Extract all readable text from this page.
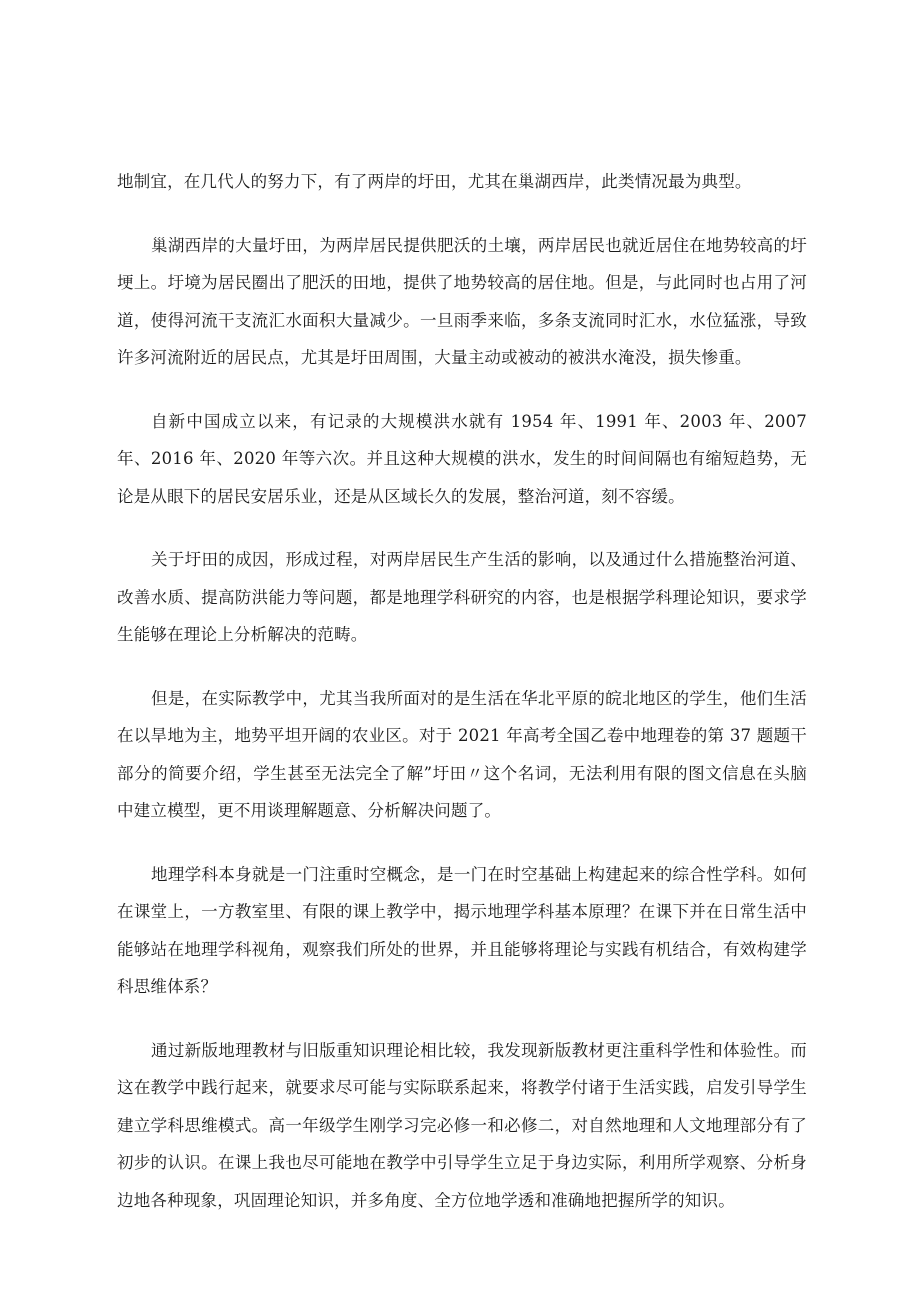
地制宜，在几代人的努力下，有了两岸的圩田，尤其在巢湖西岸，此类情况最为典型。

巢湖西岸的大量圩田，为两岸居民提供肥沃的土壤，两岸居民也就近居住在地势较高的圩埂上。圩境为居民圈出了肥沃的田地，提供了地势较高的居住地。但是，与此同时也占用了河道，使得河流干支流汇水面积大量减少。一旦雨季来临，多条支流同时汇水，水位猛涨，导致许多河流附近的居民点，尤其是圩田周围，大量主动或被动的被洪水淹没，损失惨重。

自新中国成立以来，有记录的大规模洪水就有 1954 年、1991 年、2003 年、2007 年、2016 年、2020 年等六次。并且这种大规模的洪水，发生的时间间隔也有缩短趋势，无论是从眼下的居民安居乐业，还是从区域长久的发展，整治河道，刻不容缓。

关于圩田的成因，形成过程，对两岸居民生产生活的影响，以及通过什么措施整治河道、改善水质、提高防洪能力等问题，都是地理学科研究的内容，也是根据学科理论知识，要求学生能够在理论上分析解决的范畴。

但是，在实际教学中，尤其当我所面对的是生活在华北平原的皖北地区的学生，他们生活在以旱地为主，地势平坦开阔的农业区。对于 2021 年高考全国乙卷中地理卷的第 37 题题干部分的简要介绍，学生甚至无法完全了解”圩田〃这个名词，无法利用有限的图文信息在头脑中建立模型，更不用谈理解题意、分析解决问题了。

地理学科本身就是一门注重时空概念，是一门在时空基础上构建起来的综合性学科。如何在课堂上，一方教室里、有限的课上教学中，揭示地理学科基本原理？在课下并在日常生活中能够站在地理学科视角，观察我们所处的世界，并且能够将理论与实践有机结合，有效构建学科思维体系？

通过新版地理教材与旧版重知识理论相比较，我发现新版教材更注重科学性和体验性。而这在教学中践行起来，就要求尽可能与实际联系起来，将教学付诸于生活实践，启发引导学生建立学科思维模式。高一年级学生刚学习完必修一和必修二，对自然地理和人文地理部分有了初步的认识。在课上我也尽可能地在教学中引导学生立足于身边实际，利用所学观察、分析身边地各种现象，巩固理论知识，并多角度、全方位地学透和准确地把握所学的知识。
